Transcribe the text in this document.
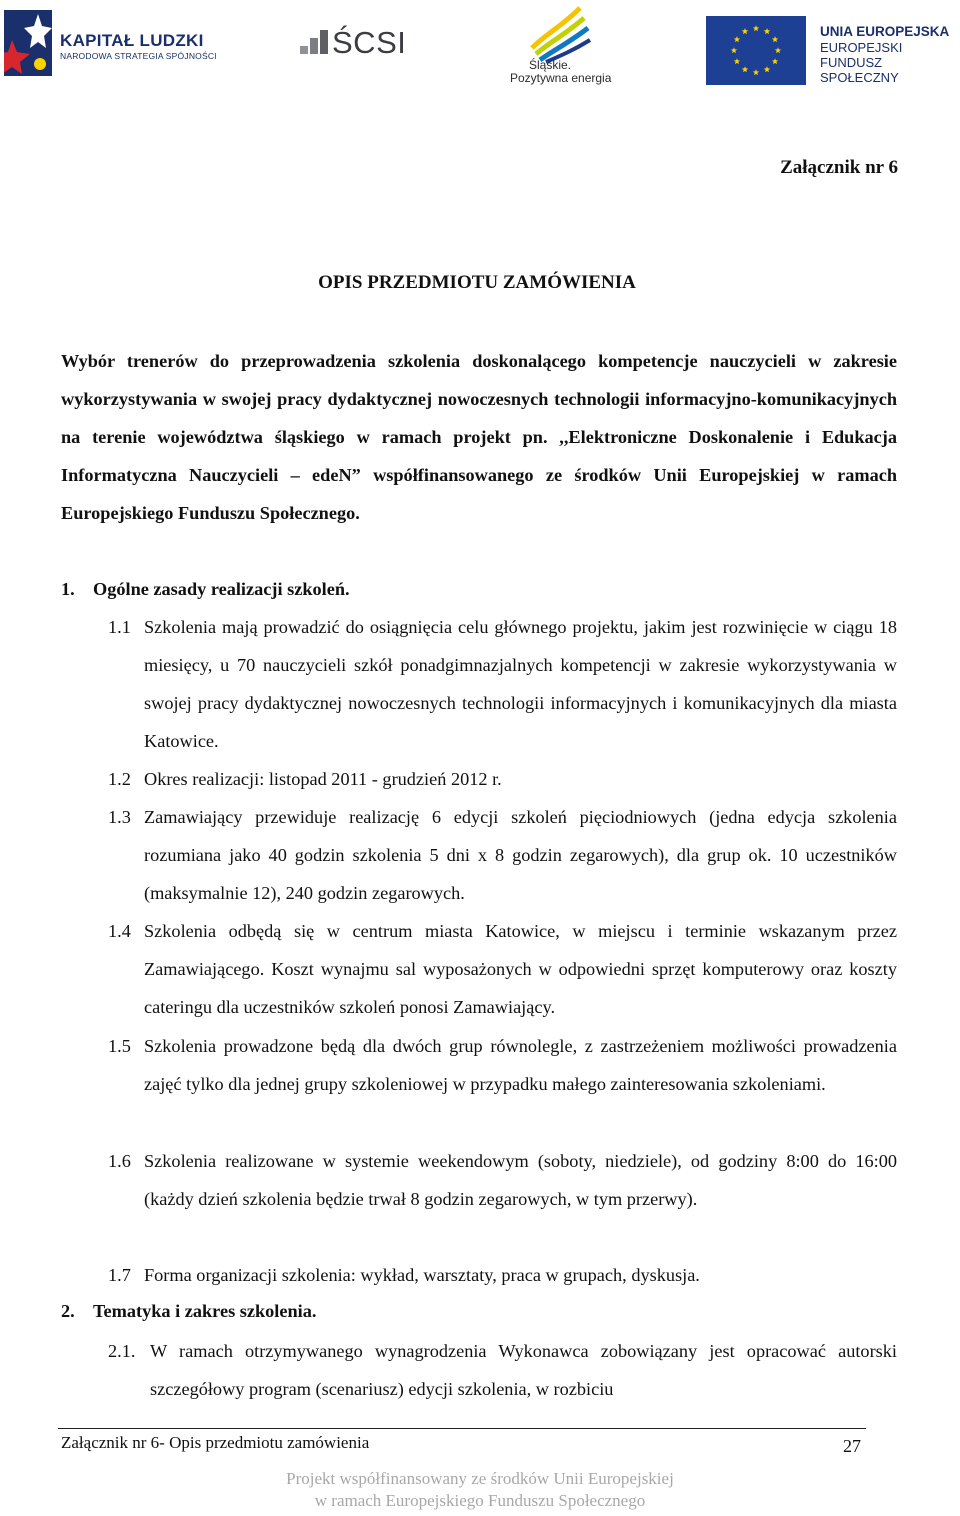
KAPITAŁ LUDZKI
NARODOWA STRATEGIA SPÓJNOŚCI	ŚCSI
Śląskie.
Pozytywna energia
UNIA EUROPEJSKA
EUROPEJSKI
FUNDUSZ SPOŁECZNY
Załącznik nr 6
OPIS PRZEDMIOTU ZAMÓWIENIA
Wybór trenerów do przeprowadzenia szkolenia doskonalącego kompetencje nauczycieli w zakresie wykorzystywania w swojej pracy dydaktycznej nowoczesnych technologii informacyjno-komunikacyjnych na terenie województwa śląskiego w ramach projekt pn. ,,Elektroniczne Doskonalenie i Edukacja Informatyczna Nauczycieli – edeN” współfinansowanego ze środków Unii Europejskiej w ramach Europejskiego Funduszu Społecznego.
1. Ogólne zasady realizacji szkoleń.
1.1 Szkolenia mają prowadzić do osiągnięcia celu głównego projektu, jakim jest rozwinięcie w ciągu 18 miesięcy, u 70 nauczycieli szkół ponadgimnazjalnych kompetencji w zakresie wykorzystywania w swojej pracy dydaktycznej nowoczesnych technologii informacyjnych i komunikacyjnych dla miasta Katowice.
1.2 Okres realizacji: listopad 2011 - grudzień 2012 r.
1.3 Zamawiający przewiduje realizację 6 edycji szkoleń pięciodniowych (jedna edycja szkolenia rozumiana jako 40 godzin szkolenia 5 dni x 8 godzin zegarowych), dla grup ok. 10 uczestników (maksymalnie 12), 240 godzin zegarowych.
1.4 Szkolenia odbędą się w centrum miasta Katowice, w miejscu i terminie wskazanym przez Zamawiającego. Koszt wynajmu sal wyposażonych w odpowiedni sprzęt komputerowy oraz koszty cateringu dla uczestników szkoleń ponosi Zamawiający.
1.5 Szkolenia prowadzone będą dla dwóch grup równolegle, z zastrzeżeniem możliwości prowadzenia zajęć tylko dla jednej grupy szkoleniowej w przypadku małego zainteresowania szkoleniami.
1.6 Szkolenia realizowane w systemie weekendowym (soboty, niedziele), od godziny 8:00 do 16:00 (każdy dzień szkolenia będzie trwał 8 godzin zegarowych, w tym przerwy).
1.7 Forma organizacji szkolenia: wykład, warsztaty, praca w grupach, dyskusja.
2. Tematyka i zakres szkolenia.
2.1. W ramach otrzymywanego wynagrodzenia Wykonawca zobowiązany jest opracować autorski szczegółowy program (scenariusz) edycji szkolenia, w rozbiciu
Załącznik nr 6- Opis przedmiotu zamówienia	27
Projekt współfinansowany ze środków Unii Europejskiej
w ramach Europejskiego Funduszu Społecznego
